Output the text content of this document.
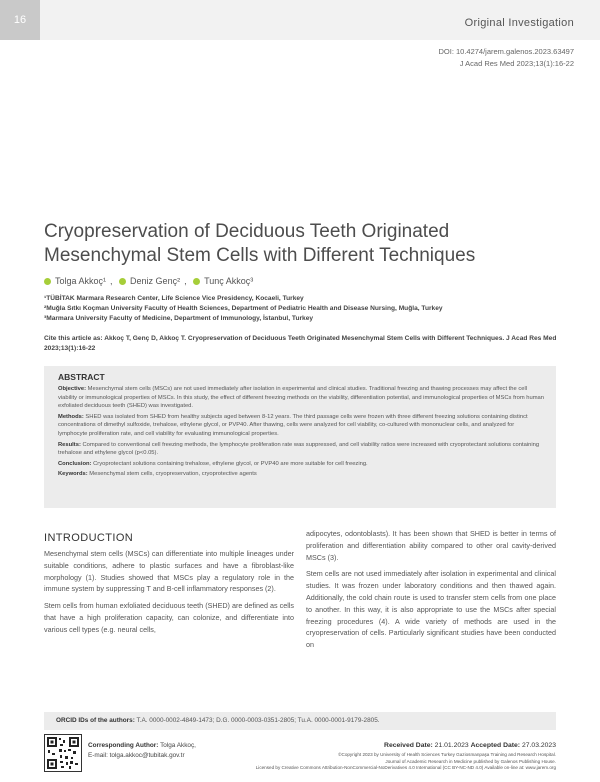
16	Original Investigation
DOI: 10.4274/jarem.galenos.2023.63497
J Acad Res Med 2023;13(1):16-22
Cryopreservation of Deciduous Teeth Originated Mesenchymal Stem Cells with Different Techniques
Tolga Akkoç¹ , Deniz Genç² , Tunç Akkoç³
¹TÜBİTAK Marmara Research Center, Life Science Vice Presidency, Kocaeli, Turkey
²Muğla Sıtkı Koçman University Faculty of Health Sciences, Department of Pediatric Health and Disease Nursing, Muğla, Turkey
³Marmara University Faculty of Medicine, Department of Immunology, İstanbul, Turkey
Cite this article as: Akkoç T, Genç D, Akkoç T. Cryopreservation of Deciduous Teeth Originated Mesenchymal Stem Cells with Different Techniques. J Acad Res Med 2023;13(1):16-22
ABSTRACT

Objective: Mesenchymal stem cells (MSCs) are not used immediately after isolation in experimental and clinical studies. Traditional freezing and thawing processes may affect the cell viability or immunological properties of MSCs. In this study, the effect of different freezing methods on the viability, differentiation potential, and immunological properties of MSCs from human exfoliated deciduous teeth (SHED) was investigated.

Methods: SHED was isolated from SHED from healthy subjects aged between 8-12 years. The third passage cells were frozen with three different freezing solutions containing distinct concentrations of dimethyl sulfoxide, trehalose, ethylene glycol, or PVP40. After thawing, cells were analyzed for cell viability, co-cultured with mononuclear cells, and analyzed for lymphocyte proliferation rate, and cell viability for evaluating immunological properties.

Results: Compared to conventional cell freezing methods, the lymphocyte proliferation rate was suppressed, and cell viability ratios were increased with cryoprotectant solutions containing trehalose and ethylene glycol (p<0.05).

Conclusion: Cryoprotectant solutions containing trehalose, ethylene glycol, or PVP40 are more suitable for cell freezing.

Keywords: Mesenchymal stem cells, cryopreservation, cryoprotective agents

INTRODUCTION

Mesenchymal stem cells (MSCs) can differentiate into multiple lineages under suitable conditions, adhere to plastic surfaces and have a fibroblast-like morphology (1). Studies showed that MSCs play a regulatory role in the immune system by suppressing T and B-cell inflammatory responses (2).

Stem cells from human exfoliated deciduous teeth (SHED) are defined as cells that have a high proliferation capacity, can colonize, and differentiate into various cell types (e.g. neural cells,

adipocytes, odontoblasts). It has been shown that SHED is better in terms of proliferation and differentiation ability compared to other oral cavity-derived MSCs (3).

Stem cells are not used immediately after isolation in experimental and clinical studies. It was frozen under laboratory conditions and then thawed again. Additionally, the cold chain route is used to transfer stem cells from one place to another. In this way, it is also appropriate to use the MSCs after special freezing procedures (4). A wide variety of methods are used in the cryopreservation of cells. Particularly significant studies have been conducted on

ORCID IDs of the authors: T.A. 0000-0002-4849-1473; D.G. 0000-0003-0351-2805; Tu.A. 0000-0001-9179-2805.
Corresponding Author: Tolga Akkoç,
E-mail: tolga.akkoc@tubitak.gov.tr
Received Date: 21.01.2023 Accepted Date: 27.03.2023
©Copyright 2023 by University of Health Sciences Turkey Gaziosmanpaşa Training and Research Hospital.
Journal of Academic Research in Medicine published by Galenos Publishing House.
Licensed by Creative Commons Attribution-NonCommercial-NoDerivatives 4.0 International (CC BY-NC-ND 4.0) Available on-line at: www.jarem.org
